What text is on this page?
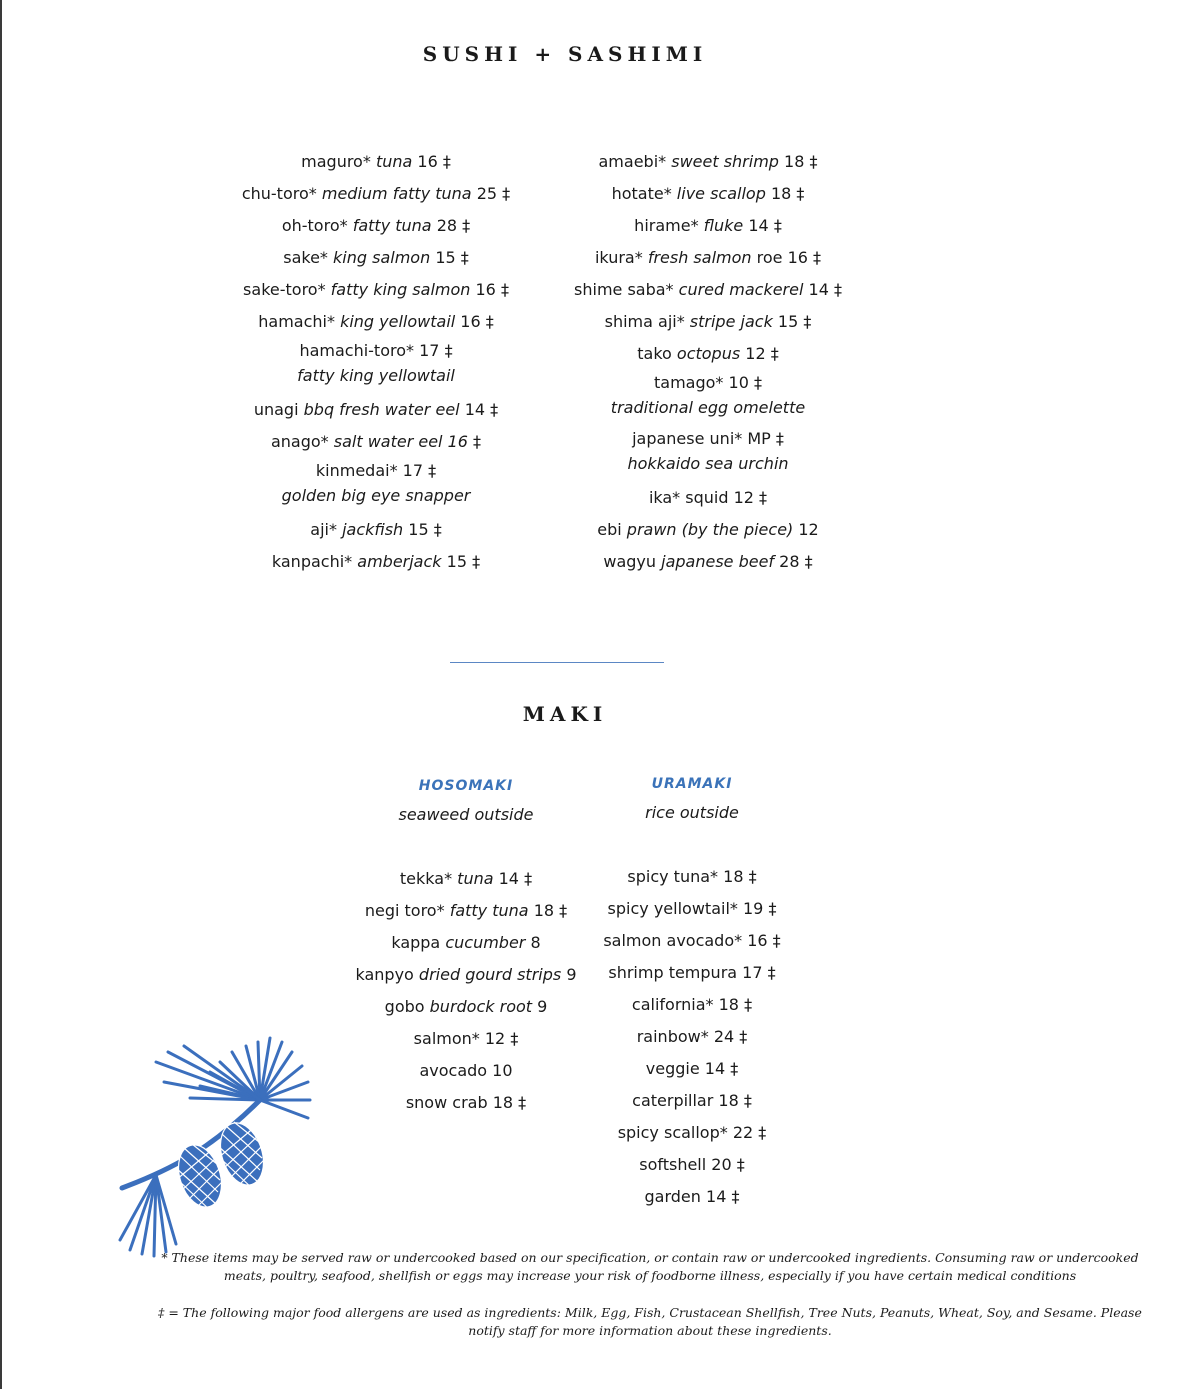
SUSHI + SASHIMI
maguro* tuna 16 ‡
chu-toro* medium fatty tuna 25 ‡
oh-toro* fatty tuna 28 ‡
sake* king salmon 15 ‡
sake-toro* fatty king salmon 16 ‡
hamachi* king yellowtail 16 ‡
hamachi-toro* 17 ‡
fatty king yellowtail
unagi bbq fresh water eel 14 ‡
anago* salt water eel 16 ‡
kinmedai* 17 ‡
golden big eye snapper
aji* jackfish 15 ‡
kanpachi* amberjack 15 ‡
amaebi* sweet shrimp 18 ‡
hotate* live scallop 18 ‡
hirame* fluke 14 ‡
ikura* fresh salmon roe 16 ‡
shime saba* cured mackerel 14 ‡
shima aji* stripe jack 15 ‡
tako octopus 12 ‡
tamago* 10 ‡
traditional egg omelette
japanese uni* MP ‡
hokkaido sea urchin
ika* squid 12 ‡
ebi prawn (by the piece) 12
wagyu japanese beef 28 ‡
MAKI
HOSOMAKI
seaweed outside
URAMAKI
rice outside
tekka* tuna 14 ‡
negi toro* fatty tuna 18 ‡
kappa cucumber 8
kanpyo dried gourd strips 9
gobo burdock root 9
salmon* 12 ‡
avocado 10
snow crab 18 ‡
spicy tuna* 18 ‡
spicy yellowtail* 19 ‡
salmon avocado* 16 ‡
shrimp tempura 17 ‡
california* 18 ‡
rainbow* 24 ‡
veggie 14 ‡
caterpillar 18 ‡
spicy scallop* 22 ‡
softshell 20 ‡
garden 14 ‡
* These items may be served raw or undercooked based on our specification, or contain raw or undercooked ingredients. Consuming raw or undercooked meats, poultry, seafood, shellfish or eggs may increase your risk of foodborne illness, especially if you have certain medical conditions
‡ = The following major food allergens are used as ingredients: Milk, Egg, Fish, Crustacean Shellfish, Tree Nuts, Peanuts, Wheat, Soy, and Sesame. Please notify staff for more information about these ingredients.
